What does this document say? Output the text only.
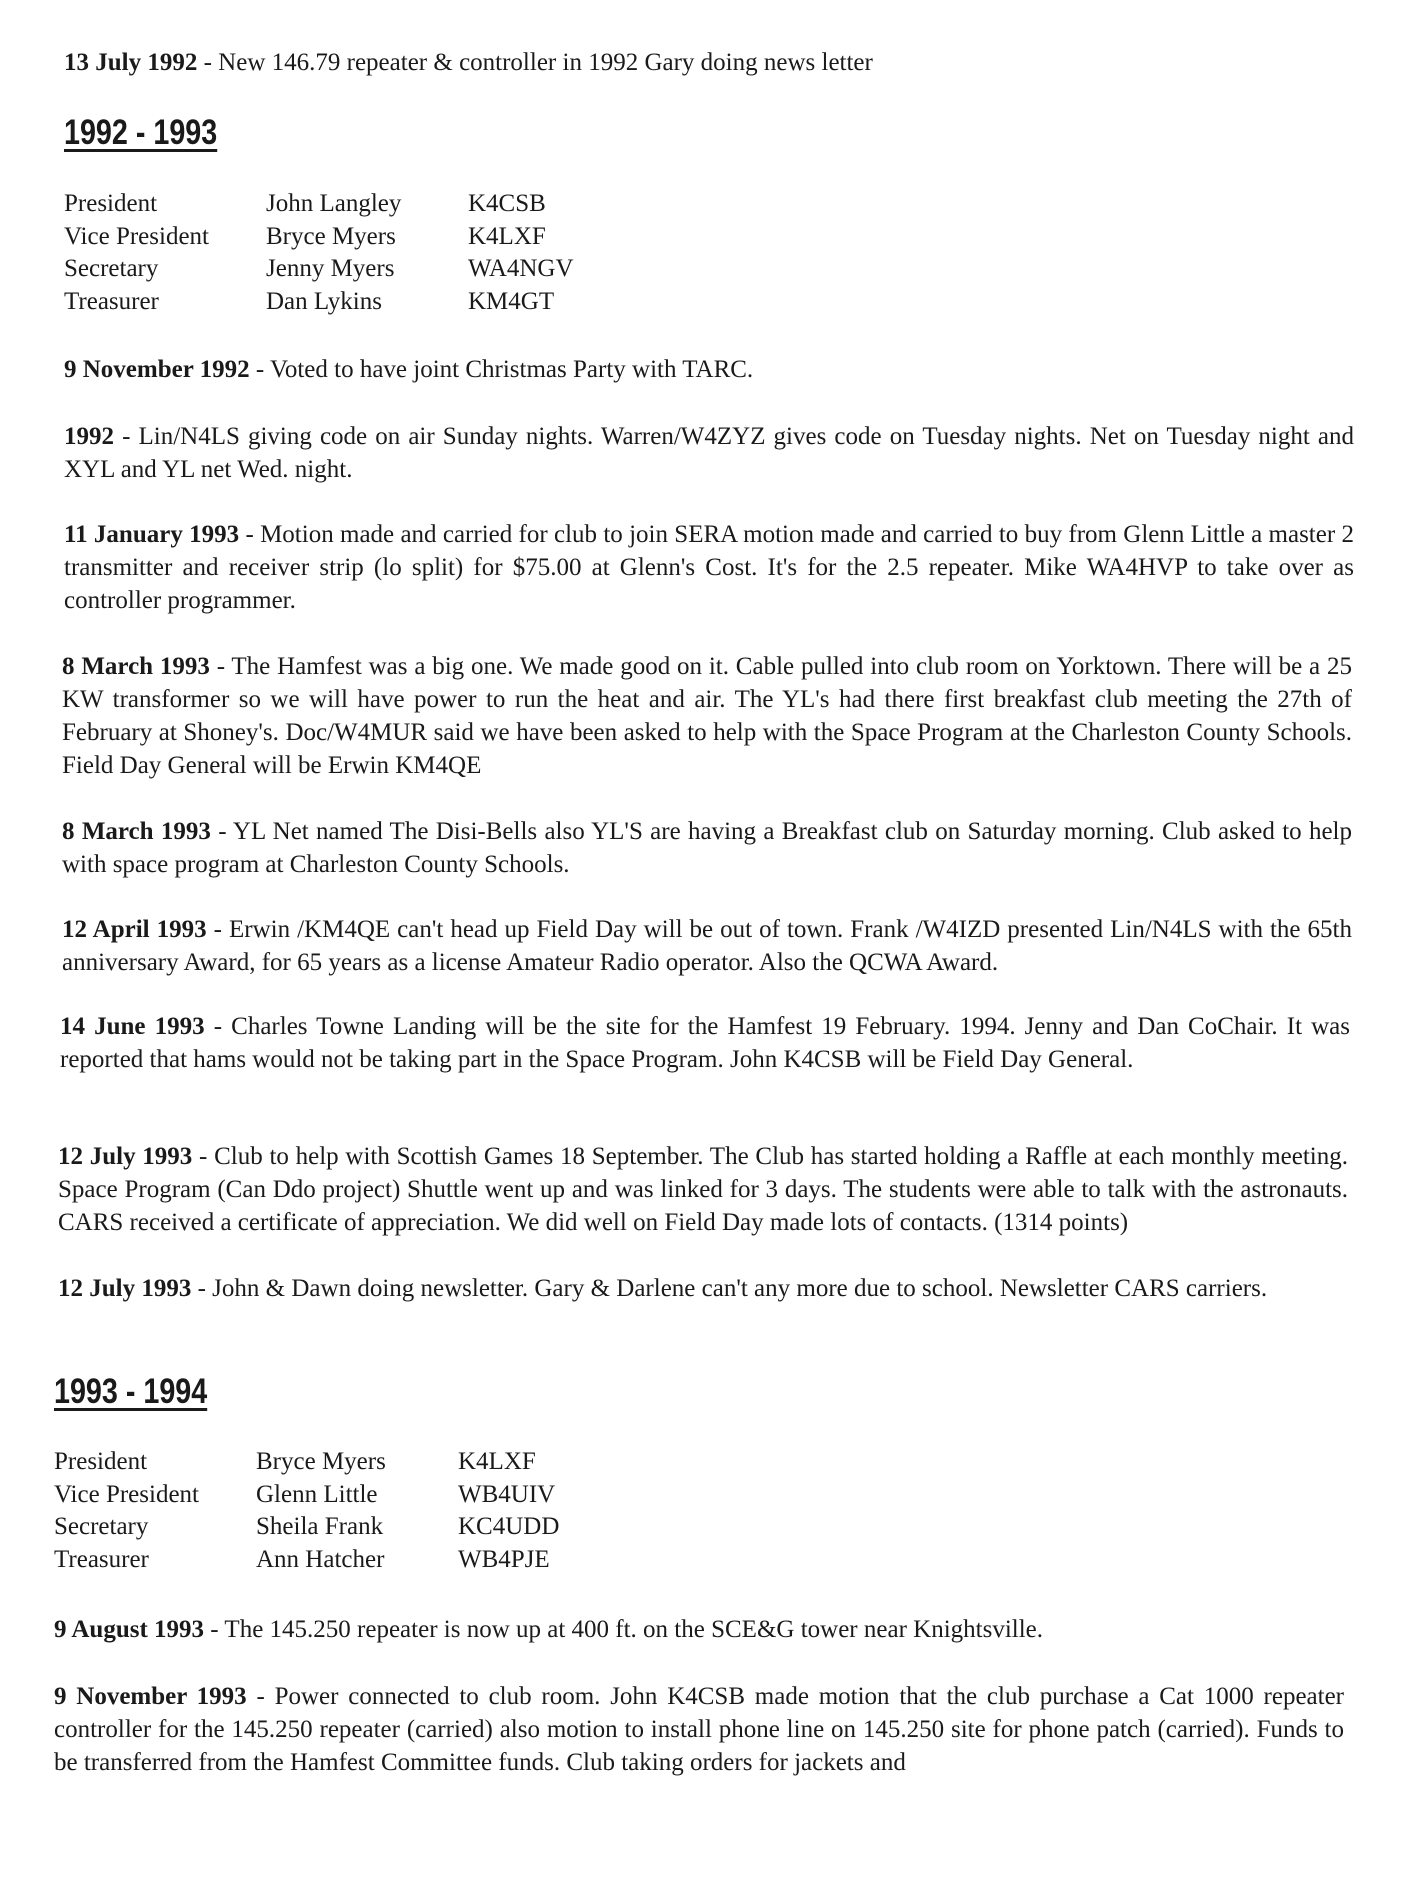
13 July 1992 - New 146.79 repeater & controller in 1992 Gary doing news letter

1992 - 1993
President	John Langley	K4CSB
Vice President	Bryce Myers	K4LXF
Secretary	Jenny Myers	WA4NGV
Treasurer	Dan Lykins	KM4GT

9 November 1992 - Voted to have joint Christmas Party with TARC.

1992 - Lin/N4LS giving code on air Sunday nights. Warren/W4ZYZ gives code on Tuesday nights. Net on Tuesday night and XYL and YL net Wed. night.

11 January 1993 - Motion made and carried for club to join SERA motion made and carried to buy from Glenn Little a master 2 transmitter and receiver strip (lo split) for $75.00 at Glenn's Cost. It's for the 2.5 repeater. Mike WA4HVP to take over as controller programmer.

8 March 1993 - The Hamfest was a big one. We made good on it. Cable pulled into club room on Yorktown. There will be a 25 KW transformer so we will have power to run the heat and air. The YL's had there first breakfast club meeting the 27th of February at Shoney's. Doc/W4MUR said we have been asked to help with the Space Program at the Charleston County Schools. Field Day General will be Erwin KM4QE

8 March 1993 - YL Net named The Disi-Bells also YL'S are having a Breakfast club on Saturday morning. Club asked to help with space program at Charleston County Schools.

12 April 1993 - Erwin /KM4QE can't head up Field Day will be out of town. Frank /W4IZD presented Lin/N4LS with the 65th anniversary Award, for 65 years as a license Amateur Radio operator. Also the QCWA Award.

14 June 1993 - Charles Towne Landing will be the site for the Hamfest 19 February. 1994. Jenny and Dan CoChair. It was reported that hams would not be taking part in the Space Program. John K4CSB will be Field Day General.

12 July 1993 - Club to help with Scottish Games 18 September. The Club has started holding a Raffle at each monthly meeting. Space Program (Can Ddo project) Shuttle went up and was linked for 3 days. The students were able to talk with the astronauts. CARS received a certificate of appreciation. We did well on Field Day made lots of contacts. (1314 points)

12 July 1993 - John & Dawn doing newsletter. Gary & Darlene can't any more due to school. Newsletter CARS carriers.

1993 - 1994
President	Bryce Myers	K4LXF
Vice President	Glenn Little	WB4UIV
Secretary	Sheila Frank	KC4UDD
Treasurer	Ann Hatcher	WB4PJE

9 August 1993 - The 145.250 repeater is now up at 400 ft. on the SCE&G tower near Knightsville.

9 November 1993 - Power connected to club room. John K4CSB made motion that the club purchase a Cat 1000 repeater controller for the 145.250 repeater (carried) also motion to install phone line on 145.250 site for phone patch (carried). Funds to be transferred from the Hamfest Committee funds. Club taking orders for jackets and
